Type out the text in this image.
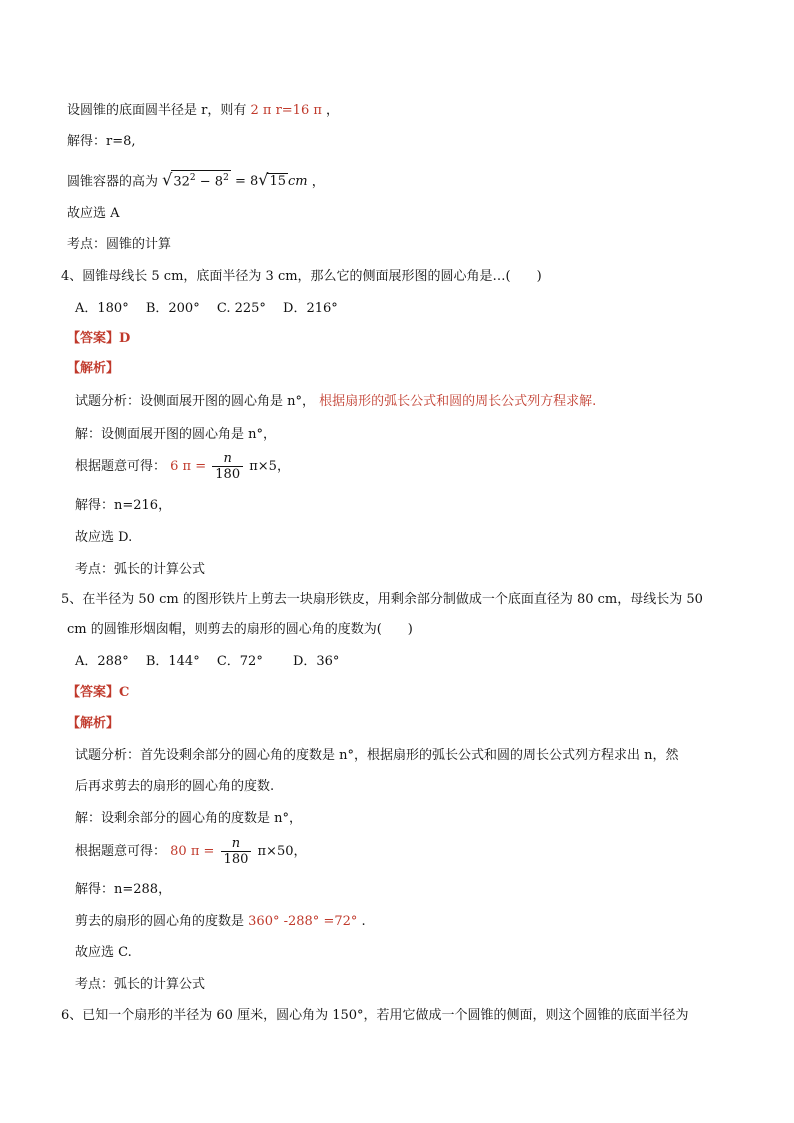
设圆锥的底面圆半径是 r，则有 2 π r=16 π ，
解得：r=8,
圆锥容器的高为 $√32^2 - 8^2 = 8√15$ cm ，
故应选 A
考点：圆锥的计算
4、圆锥母线长 5 cm，底面半径为 3 cm，那么它的侧面展形图的圆心角是…(　　)
A．180°　 B．200°　 C. 225°　 D．216°
【答案】D
【解析】
试题分析：设侧面展开图的圆心角是 n°， 根据扇形的弧长公式和圆的周长公式列方程求解.
解：设侧面展开图的圆心角是 n°，
根据题意可得： 6 $\pi = \frac{n}{180} \pi\times 5$，
解得：n=216，
故应选 D.
考点：弧长的计算公式
5、在半径为 50 cm 的图形铁片上剪去一块扇形铁皮，用剩余部分制做成一个底面直径为 80 cm，母线长为 50
cm 的圆锥形烟囱帽，则剪去的扇形的圆心角的度数为(　　)
A．288°　 B．144°　 C．72°　　 D．36°
【答案】C
【解析】
试题分析：首先设剩余部分的圆心角的度数是 n°，根据扇形的弧长公式和圆的周长公式列方程求出 n，然
后再求剪去的扇形的圆心角的度数.
解：设剩余部分的圆心角的度数是 n°，
根据题意可得： 80 $\pi = \frac{n}{180} \pi\times 50$，
解得：n=288，
剪去的扇形的圆心角的度数是 360° -288° =72° .
故应选 C.
考点：弧长的计算公式
6、已知一个扇形的半径为 60 厘米，圆心角为 150°，若用它做成一个圆锥的侧面，则这个圆锥的底面半径为
